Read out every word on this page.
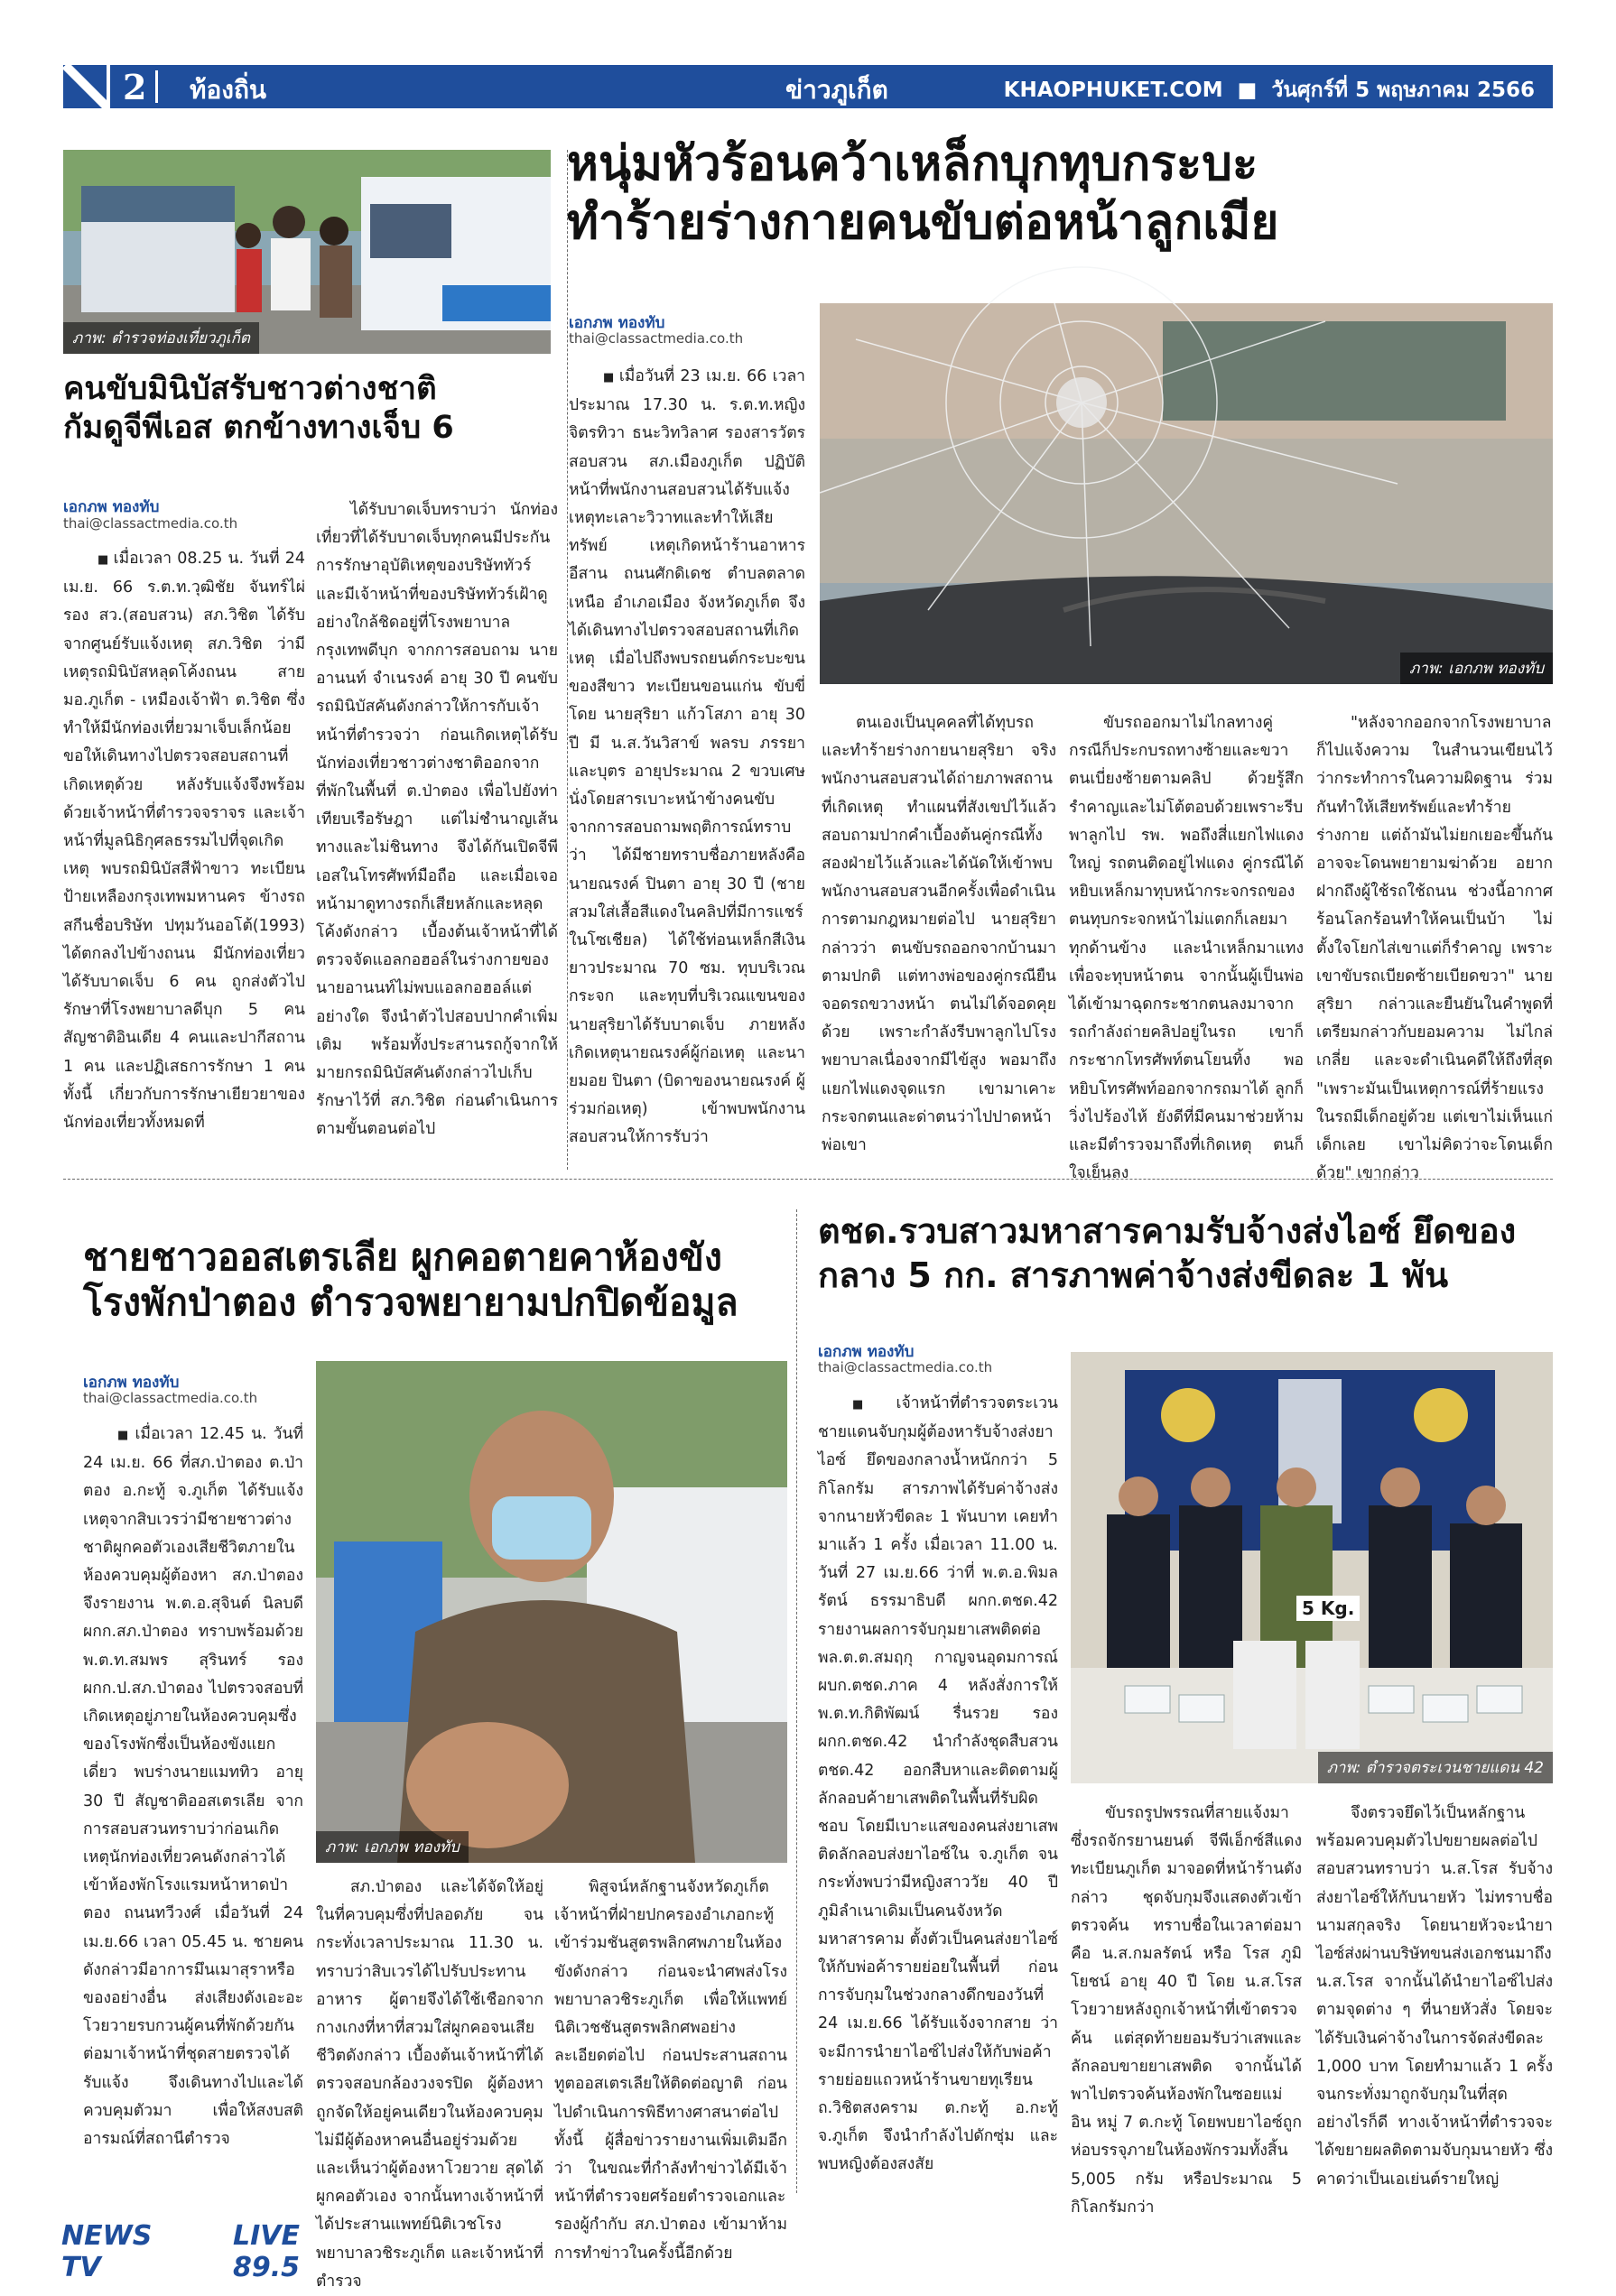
2 ท้องถิ่น	ข่าวภูเก็ต	KHAOPHUKET.COM  ■  วันศุกร์ที่ 5 พฤษภาคม 2566
ภาพ: ตำรวจท่องเที่ยวภูเก็ต
คนขับมินิบัสรับชาวต่างชาติ
กัมดูจีพีเอส ตกข้างทางเจ็บ 6
เอกภพ ทองทับ
thai@classactmedia.co.th

■ เมื่อเวลา 08.25 น. วันที่ 24 เม.ย. 66 ร.ต.ท.วุฒิชัย จันทร์ไผ่ รอง สว.(สอบสวน) สภ.วิชิต ได้รับจากศูนย์รับแจ้งเหตุ สภ.วิชิต ว่ามีเหตุรถมินิบัสหลุดโค้งถนน สาย มอ.ภูเก็ต - เหมืองเจ้าฟ้า ต.วิชิต ซึ่งทำให้มีนักท่องเที่ยวมาเจ็บเล็กน้อย ขอให้เดินทางไปตรวจสอบสถานที่เกิดเหตุด้วย หลังรับแจ้งจึงพร้อมด้วยเจ้าหน้าที่ตำรวจจราจร และเจ้าหน้าที่มูลนิธิกุศลธรรมไปที่จุดเกิดเหตุ พบรถมินิบัสสีฟ้าขาว ทะเบียนป้ายเหลืองกรุงเทพมหานคร ข้างรถสกีนชื่อบริษัท ปทุมวันออโต้(1993) ได้ตกลงไปข้างถนน มีนักท่องเที่ยวได้รับบาดเจ็บ 6 คน ถูกส่งตัวไปรักษาที่โรงพยาบาลดีบุก 5 คน สัญชาติอินเดีย 4 คนและปากีสถาน 1 คน และปฏิเสธการรักษา 1 คน ทั้งนี้ เกี่ยวกับการรักษาเยียวยาของนักท่องเที่ยวทั้งหมดที่

ได้รับบาดเจ็บทราบว่า นักท่องเที่ยวที่ได้รับบาดเจ็บทุกคนมีประกันการรักษาอุบัติเหตุของบริษัททัวร์ และมีเจ้าหน้าที่ของบริษัททัวร์เฝ้าดูอย่างใกล้ชิดอยู่ที่โรงพยาบาลกรุงเทพดีบุก จากการสอบถาม นายอานนท์ จำเนรงค์ อายุ 30 ปี คนขับรถมินิบัสคันดังกล่าวให้การกับเจ้าหน้าที่ตำรวจว่า ก่อนเกิดเหตุได้รับนักท่องเที่ยวชาวต่างชาติออกจากที่พักในพื้นที่ ต.ป่าตอง เพื่อไปยังท่าเทียบเรือรัษฎา แต่ไม่ชำนาญเส้นทางและไม่ชินทาง จึงได้กันเปิดจีพีเอสในโทรศัพท์มือถือ และเมื่อเจอหน้ามาดูทางรถก็เสียหลักและหลุดโค้งดังกล่าว เบื้องต้นเจ้าหน้าที่ได้ตรวจจัดแอลกอฮอล์ในร่างกายของนายอานนท์ไม่พบแอลกอฮอล์แต่อย่างใด จึงนำตัวไปสอบปากคำเพิ่มเติม พร้อมทั้งประสานรถกู้จากให้มายกรถมินิบัสคันดังกล่าวไปเก็บรักษาไว้ที่ สภ.วิชิต ก่อนดำเนินการตามขั้นตอนต่อไป

หนุ่มหัวร้อนคว้าเหล็กบุกทุบกระบะ
ทำร้ายร่างกายคนขับต่อหน้าลูกเมีย
เอกภพ ทองทับ
thai@classactmedia.co.th
ภาพ: เอกภพ ทองทับ

■ เมื่อวันที่ 23 เม.ย. 66 เวลาประมาณ 17.30 น. ร.ต.ท.หญิง จิตรทิวา ธนะวิทวิลาศ รองสารวัตรสอบสวน สภ.เมืองภูเก็ต ปฏิบัติหน้าที่พนักงานสอบสวนได้รับแจ้งเหตุทะเลาะวิวาทและทำให้เสียทรัพย์ เหตุเกิดหน้าร้านอาหารอีสาน ถนนศักดิเดช ตำบลตลาดเหนือ อำเภอเมือง จังหวัดภูเก็ต จึงได้เดินทางไปตรวจสอบสถานที่เกิดเหตุ เมื่อไปถึงพบรถยนต์กระบะขนของสีขาว ทะเบียนขอนแก่น ขับขี่โดย นายสุริยา แก้วโสภา อายุ 30 ปี มี น.ส.วันวิสาข์ พลรบ ภรรยาและบุตร อายุประมาณ 2 ขวบเศษ นั่งโดยสารเบาะหน้าข้างคนขับ จากการสอบถามพฤติการณ์ทราบว่า ได้มีชายทราบชื่อภายหลังคือ นายณรงค์ ปินตา อายุ 30 ปี (ชายสวมใส่เสื้อสีแดงในคลิปที่มีการแชร์ในโซเชียล) ได้ใช้ท่อนเหล็กสีเงินยาวประมาณ 70 ซม. ทุบบริเวณกระจก และทุบที่บริเวณแขนของนายสุริยาได้รับบาดเจ็บ ภายหลังเกิดเหตุนายณรงค์ผู้ก่อเหตุ และนายมอย ปินตา (บิดาของนายณรงค์ ผู้ร่วมก่อเหตุ) เข้าพบพนักงานสอบสวนให้การรับว่า

ตนเองเป็นบุคคลที่ได้ทุบรถและทำร้ายร่างกายนายสุริยา จริง พนักงานสอบสวนได้ถ่ายภาพสถานที่เกิดเหตุ ทำแผนที่สังเขปไว้แล้ว สอบถามปากคำเบื้องต้นคู่กรณีทั้งสองฝ่ายไว้แล้วและได้นัดให้เข้าพบพนักงานสอบสวนอีกครั้งเพื่อดำเนินการตามกฎหมายต่อไป นายสุริยา กล่าวว่า ตนขับรถออกจากบ้านมาตามปกติ แต่ทางพ่อของคู่กรณียืนจอดรถขวางหน้า ตนไม่ได้จอดคุยด้วย เพราะกำลังรีบพาลูกไปโรงพยาบาลเนื่องจากมีไข้สูง พอมาถึงแยกไฟแดงจุดแรก เขามาเคาะกระจกตนและด่าตนว่าไปปาดหน้าพ่อเขา

ขับรถออกมาไม่ไกลทางคู่กรณีก็ประกบรถทางซ้ายและขวา ตนเบี่ยงซ้ายตามคลิป ด้วยรู้สึกรำคาญและไม่โต้ตอบด้วยเพราะรีบพาลูกไป รพ. พอถึงสี่แยกไฟแดงใหญ่ รถตนติดอยู่ไฟแดง คู่กรณีได้หยิบเหล็กมาทุบหน้ากระจกรถของตนทุบกระจกหน้าไม่แตกก็เลยมาทุกด้านข้าง และนำเหล็กมาแทงเพื่อจะทุบหน้าตน จากนั้นผู้เป็นพ่อได้เข้ามาฉุดกระชากตนลงมาจากรถกำลังถ่ายคลิปอยู่ในรถ เขาก็กระชากโทรศัพท์ตนโยนทิ้ง พอหยิบโทรศัพท์ออกจากรถมาได้ ลูกก็วิ่งไปร้องไห้ ยังดีที่มีคนมาช่วยห้ามและมีตำรวจมาถึงที่เกิดเหตุ ตนก็ใจเย็นลง

"หลังจากออกจากโรงพยาบาลก็ไปแจ้งความ ในสำนวนเขียนไว้ว่ากระทำการในความผิดฐาน ร่วมกันทำให้เสียทรัพย์และทำร้ายร่างกาย แต่ถ้ามันไม่ยกเยอะขึ้นกัน อาจจะโดนพยายามฆ่าด้วย อยากฝากถึงผู้ใช้รถใช้ถนน ช่วงนี้อากาศร้อนโลกร้อนทำให้คนเป็นบ้า ไม่ตั้งใจโยกไส่เขาแต่ก็รำคาญ เพราะเขาขับรถเบียดซ้ายเบียดขวา" นายสุริยา กล่าวและยืนยันในคำพูดที่เตรียมกล่าวกับยอมความ ไม่ไกล่เกลี่ย และจะดำเนินคดีให้ถึงที่สุด "เพราะมันเป็นเหตุการณ์ที่ร้ายแรง ในรถมีเด็กอยู่ด้วย แต่เขาไม่เห็นแก่เด็กเลย เขาไม่คิดว่าจะโดนเด็กด้วย" เขากล่าว

ชายชาวออสเตรเลีย ผูกคอตายคาห้องขัง
โรงพักป่าตอง ตำรวจพยายามปกปิดข้อมูล
เอกภพ ทองทับ
thai@classactmedia.co.th
ภาพ: เอกภพ ทองทับ

■ เมื่อเวลา 12.45 น. วันที่ 24 เม.ย. 66 ที่สภ.ป่าตอง ต.ป่าตอง อ.กะทู้ จ.ภูเก็ต ได้รับแจ้งเหตุจากสิบเวรว่ามีชายชาวต่างชาติผูกคอตัวเองเสียชีวิตภายในห้องควบคุมผู้ต้องหา สภ.ป่าตอง จึงรายงาน พ.ต.อ.สุจินต์ นิลบดี ผกก.สภ.ป่าตอง ทราบพร้อมด้วย พ.ต.ท.สมพร สุรินทร์ รอง ผกก.ป.สภ.ป่าตอง ไปตรวจสอบที่เกิดเหตุอยู่ภายในห้องควบคุมซึ่งของโรงพักซึ่งเป็นห้องขังแยกเดี่ยว พบร่างนายแมททิว อายุ 30 ปี สัญชาติออสเตรเลีย จากการสอบสวนทราบว่าก่อนเกิดเหตุนักท่องเที่ยวคนดังกล่าวได้เข้าห้องพักโรงแรมหน้าหาดป่าตอง ถนนทวีวงศ์ เมื่อวันที่ 24 เม.ย.66 เวลา 05.45 น. ชายคนดังกล่าวมีอาการมึนเมาสุราหรือของอย่างอื่น ส่งเสียงดังเอะอะโวยวายรบกวนผู้คนที่พักด้วยกัน ต่อมาเจ้าหน้าที่ชุดสายตรวจได้รับแจ้ง จึงเดินทางไปและได้ควบคุมตัวมา เพื่อให้สงบสติอารมณ์ที่สถานีตำรวจ

สภ.ป่าตอง และได้จัดให้อยู่ในที่ควบคุมซึ่งที่ปลอดภัย จนกระทั่งเวลาประมาณ 11.30 น. ทราบว่าสิบเวรได้ไปรับประทานอาหาร ผู้ตายจึงได้ใช้เชือกจากกางเกงที่หาที่สวมใส่ผูกคอจนเสียชีวิตดังกล่าว เบื้องต้นเจ้าหน้าที่ได้ตรวจสอบกล้องวงจรปิด ผู้ต้องหาถูกจัดให้อยู่คนเดียวในห้องควบคุมไม่มีผู้ต้องหาคนอื่นอยู่ร่วมด้วย และเห็นว่าผู้ต้องหาโวยวาย สุดได้ผูกคอตัวเอง จากนั้นทางเจ้าหน้าที่ได้ประสานแพทย์นิติเวชโรงพยาบาลวชิระภูเก็ต และเจ้าหน้าที่ตำรวจ

พิสูจน์หลักฐานจังหวัดภูเก็ต เจ้าหน้าที่ฝ่ายปกครองอำเภอกะทู้ เข้าร่วมชันสูตรพลิกศพภายในห้องขังดังกล่าว ก่อนจะนำศพส่งโรงพยาบาลวชิระภูเก็ต เพื่อให้แพทย์นิติเวชชันสูตรพลิกศพอย่างละเอียดต่อไป ก่อนประสานสถานทูตออสเตรเลียให้ติดต่อญาติ ก่อนไปดำเนินการพิธีทางศาสนาต่อไป ทั้งนี้ ผู้สื่อข่าวรายงานเพิ่มเติมอีกว่า ในขณะที่กำลังทำข่าวได้มีเจ้าหน้าที่ตำรวจยศร้อยตำรวจเอกและรองผู้กำกับ สภ.ป่าตอง เข้ามาห้ามการทำข่าวในครั้งนี้อีกด้วย

ตชด.รวบสาวมหาสารคามรับจ้างส่งไอซ์ ยึดของ
กลาง 5 กก. สารภาพค่าจ้างส่งขีดละ 1 พัน
เอกภพ ทองทับ
thai@classactmedia.co.th
5 Kg.
ภาพ: ตำรวจตระเวนชายแดน 42

■ เจ้าหน้าที่ตำรวจตระเวนชายแดนจับกุมผู้ต้องหารับจ้างส่งยาไอซ์ ยึดของกลางน้ำหนักกว่า 5 กิโลกรัม สารภาพได้รับค่าจ้างส่งจากนายหัวขีดละ 1 พันบาท เคยทำมาแล้ว 1 ครั้ง เมื่อเวลา 11.00 น. วันที่ 27 เม.ย.66 ว่าที่ พ.ต.อ.พิมลรัตน์ ธรรมาธิบดี ผกก.ตชด.42 รายงานผลการจับกุมยาเสพติดต่อ พล.ต.ต.สมฤกุ กาญจนอุดมการณ์ ผบก.ตชด.ภาค 4 หลังสั่งการให้ พ.ต.ท.กิติพัฒน์ รื่นรวย รอง ผกก.ตชด.42 นำกำลังชุดสืบสวน ตชด.42 ออกสืบหาและติดตามผู้ลักลอบค้ายาเสพติดในพื้นที่รับผิดชอบ โดยมีเบาะแสของคนส่งยาเสพติดลักลอบส่งยาไอซ์ใน จ.ภูเก็ต จนกระทั่งพบว่ามีหญิงสาววัย 40 ปี ภูมิลำเนาเดิมเป็นคนจังหวัดมหาสารคาม ตั้งตัวเป็นคนส่งยาไอซ์ให้กับพ่อค้ารายย่อยในพื้นที่ ก่อนการจับกุมในช่วงกลางดึกของวันที่ 24 เม.ย.66 ได้รับแจ้งจากสาย ว่าจะมีการนำยาไอซ์ไปส่งให้กับพ่อค้ารายย่อยแถวหน้าร้านขายทุเรียน ถ.วิชิตสงคราม ต.กะทู้ อ.กะทู้ จ.ภูเก็ต จึงนำกำลังไปดักซุ่ม และพบหญิงต้องสงสัย

ขับรถรูปพรรณที่สายแจ้งมาซึ่งรถจักรยานยนต์ จีพีเอ็กซ์สีแดง ทะเบียนภูเก็ต มาจอดที่หน้าร้านดังกล่าว ชุดจับกุมจึงแสดงตัวเข้าตรวจค้น ทราบชื่อในเวลาต่อมาคือ น.ส.กมลรัตน์ หรือ โรส ภูมิโยชน์ อายุ 40 ปี โดย น.ส.โรสโวยวายหลังถูกเจ้าหน้าที่เข้าตรวจค้น แต่สุดท้ายยอมรับว่าเสพและลักลอบขายยาเสพติด จากนั้นได้พาไปตรวจค้นห้องพักในซอยแม่อิน หมู่ 7 ต.กะทู้ โดยพบยาไอซ์ถูกห่อบรรจุภายในห้องพักรวมทั้งสิ้น 5,005 กรัม หรือประมาณ 5 กิโลกรัมกว่า

จึงตรวจยึดไว้เป็นหลักฐานพร้อมควบคุมตัวไปขยายผลต่อไป สอบสวนทราบว่า น.ส.โรส รับจ้างส่งยาไอซ์ให้กับนายหัว ไม่ทราบชื่อนามสกุลจริง โดยนายหัวจะนำยาไอซ์ส่งผ่านบริษัทขนส่งเอกชนมาถึง น.ส.โรส จากนั้นได้นำยาไอซ์ไปส่งตามจุดต่าง ๆ ที่นายหัวสั่ง โดยจะได้รับเงินค่าจ้างในการจัดส่งขีดละ 1,000 บาท โดยทำมาแล้ว 1 ครั้ง จนกระทั่งมาถูกจับกุมในที่สุด อย่างไรก็ดี ทางเจ้าหน้าที่ตำรวจจะได้ขยายผลติดตามจับกุมนายหัว ซึ่งคาดว่าเป็นเอเย่นต์รายใหญ่

NEWS TV
LIVE 89.5
